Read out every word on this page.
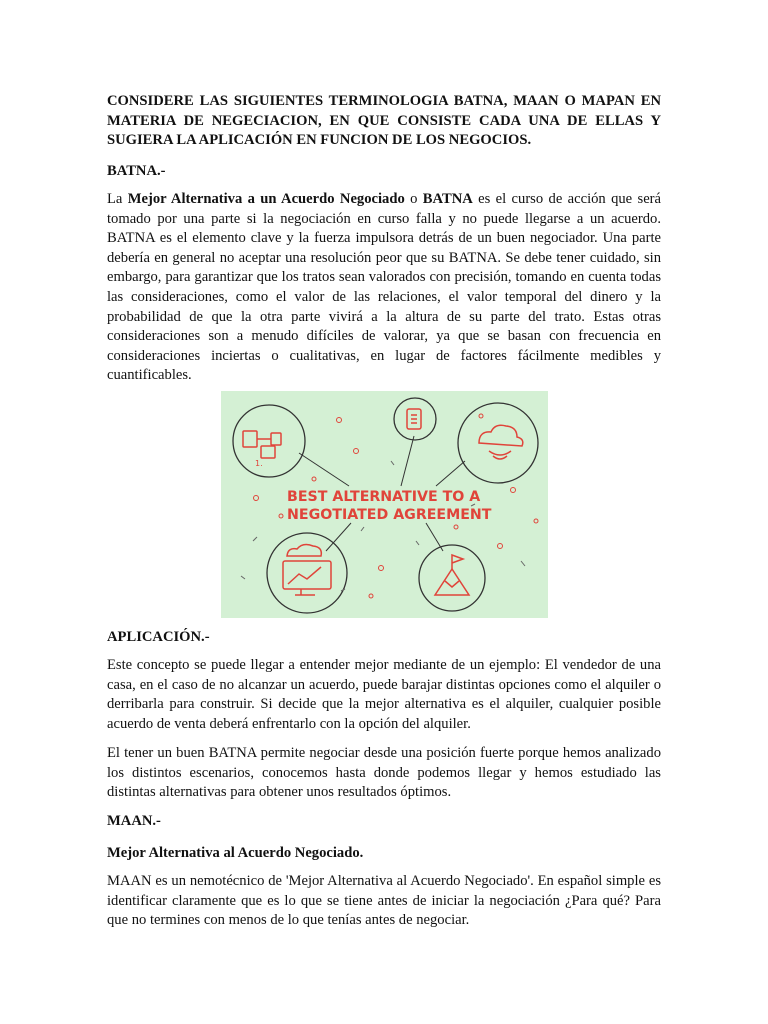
CONSIDERE LAS SIGUIENTES TERMINOLOGIA BATNA, MAAN O MAPAN EN MATERIA DE NEGECIACION, EN QUE CONSISTE CADA UNA DE ELLAS Y SUGIERA LA APLICACIÓN EN FUNCION DE LOS NEGOCIOS.

BATNA.-

La Mejor Alternativa a un Acuerdo Negociado o BATNA es el curso de acción que será tomado por una parte si la negociación en curso falla y no puede llegarse a un acuerdo. BATNA es el elemento clave y la fuerza impulsora detrás de un buen negociador. Una parte debería en general no aceptar una resolución peor que su BATNA. Se debe tener cuidado, sin embargo, para garantizar que los tratos sean valorados con precisión, tomando en cuenta todas las consideraciones, como el valor de las relaciones, el valor temporal del dinero y la probabilidad de que la otra parte vivirá a la altura de su parte del trato. Estas otras consideraciones son a menudo difíciles de valorar, ya que se basan con frecuencia en consideraciones inciertas o cualitativas, en lugar de factores fácilmente medibles y cuantificables.

1.
BEST ALTERNATIVE TO A
NEGOTIATED AGREEMENT

APLICACIÓN.-

Este concepto se puede llegar a entender mejor mediante de un ejemplo: El vendedor de una casa, en el caso de no alcanzar un acuerdo, puede barajar distintas opciones como el alquiler o derribarla para construir. Si decide que la mejor alternativa es el alquiler, cualquier posible acuerdo de venta deberá enfrentarlo con la opción del alquiler.

El tener un buen BATNA permite negociar desde una posición fuerte porque hemos analizado los distintos escenarios, conocemos hasta donde podemos llegar y hemos estudiado las distintas alternativas para obtener unos resultados óptimos.

MAAN.-

Mejor Alternativa al Acuerdo Negociado.

MAAN es un nemotécnico de 'Mejor Alternativa al Acuerdo Negociado'. En español simple es identificar claramente que es lo que se tiene antes de iniciar la negociación ¿Para qué? Para que no termines con menos de lo que tenías antes de negociar.
